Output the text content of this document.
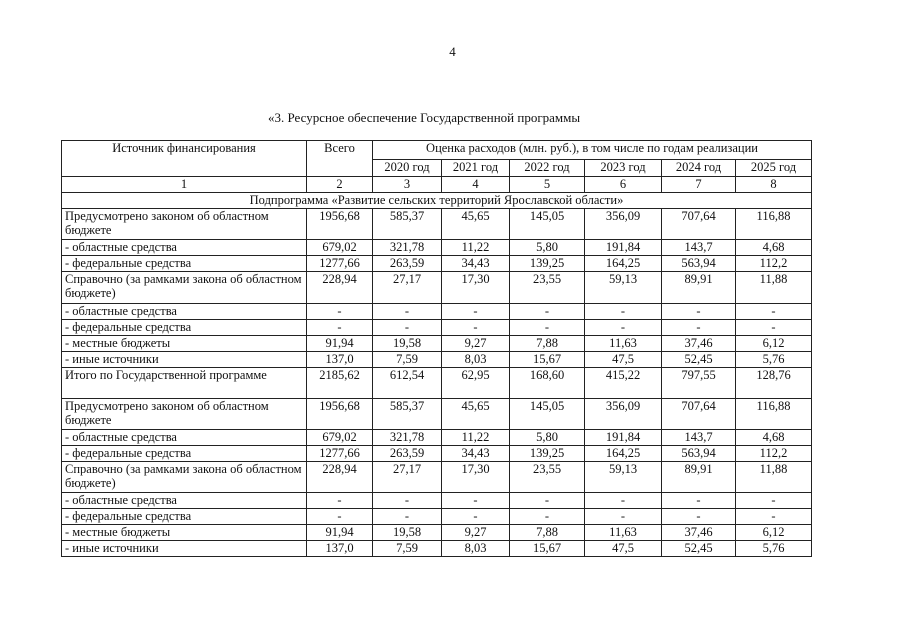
4
«3. Ресурсное обеспечение Государственной программы
Источник финансирования	Всего	Оценка расходов (млн. руб.), в том числе по годам реализации					
		2020 год	2021 год	2022 год	2023 год	2024 год	2025 год
1	2	3	4	5	6	7	8
Подпрограмма «Развитие сельских территорий Ярославской области»							
Предусмотрено законом об областном бюджете	1956,68	585,37	45,65	145,05	356,09	707,64	116,88
- областные средства	679,02	321,78	11,22	5,80	191,84	143,7	4,68
- федеральные средства	1277,66	263,59	34,43	139,25	164,25	563,94	112,2
Справочно (за рамками закона об областном бюджете)	228,94	27,17	17,30	23,55	59,13	89,91	11,88
- областные средства	-	-	-	-	-	-	-
- федеральные средства	-	-	-	-	-	-	-
- местные бюджеты	91,94	19,58	9,27	7,88	11,63	37,46	6,12
- иные источники	137,0	7,59	8,03	15,67	47,5	52,45	5,76
Итого по Государственной программе	2185,62	612,54	62,95	168,60	415,22	797,55	128,76
Предусмотрено законом об областном бюджете	1956,68	585,37	45,65	145,05	356,09	707,64	116,88
- областные средства	679,02	321,78	11,22	5,80	191,84	143,7	4,68
- федеральные средства	1277,66	263,59	34,43	139,25	164,25	563,94	112,2
Справочно (за рамками закона об областном бюджете)	228,94	27,17	17,30	23,55	59,13	89,91	11,88
- областные средства	-	-	-	-	-	-	-
- федеральные средства	-	-	-	-	-	-	-
- местные бюджеты	91,94	19,58	9,27	7,88	11,63	37,46	6,12
- иные источники	137,0	7,59	8,03	15,67	47,5	52,45	5,76
